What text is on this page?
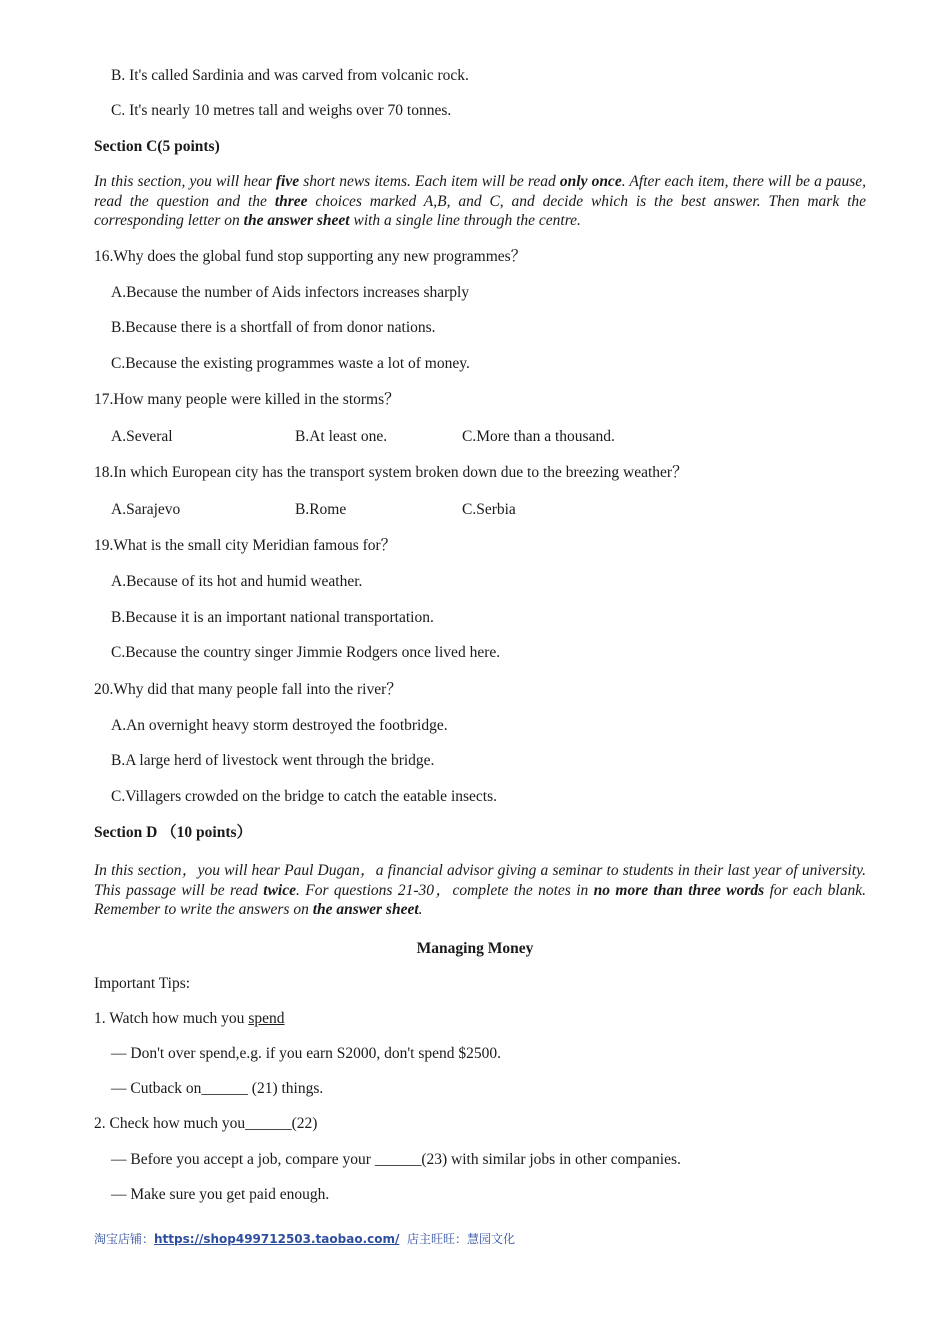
B. It's called Sardinia and was carved from volcanic rock.
C. It's nearly 10 metres tall and weighs over 70 tonnes.
Section C(5 points)
In this section, you will hear five short news items. Each item will be read only once. After each item, there will be a pause, read the question and the three choices marked A,B, and C, and decide which is the best answer. Then mark the corresponding letter on the answer sheet with a single line through the centre.
16.Why does the global fund stop supporting any new programmes？
A.Because the number of Aids infectors increases sharply
B.Because there is a shortfall of from donor nations.
C.Because the existing programmes waste a lot of money.
17.How many people were killed in the storms？
A.Several	B.At least one.	C.More than a thousand.
18.In which European city has the transport system broken down due to the breezing weather？
A.Sarajevo	B.Rome	C.Serbia
19.What is the small city Meridian famous for？
A.Because of its hot and humid weather.
B.Because it is an important national transportation.
C.Because the country singer Jimmie Rodgers once lived here.
20.Why did that many people fall into the river？
A.An overnight heavy storm destroyed the footbridge.
B.A large herd of livestock went through the bridge.
C.Villagers crowded on the bridge to catch the eatable insects.
Section D （10 points）
In this section，you will hear Paul Dugan，a financial advisor giving a seminar to students in their last year of university. This passage will be read twice. For questions 21-30，complete the notes in no more than three words for each blank. Remember to write the answers on the answer sheet.
Managing Money
Important Tips:
1. Watch how much you spend
— Don't over spend,e.g. if you earn S2000, don't spend $2500.
— Cutback on______ (21) things.
2. Check how much you______(22)
— Before you accept a job, compare your ______(23) with similar jobs in other companies.
— Make sure you get paid enough.
淘宝店铺：https://shop499712503.taobao.com/  店主旺旺：慧园文化
